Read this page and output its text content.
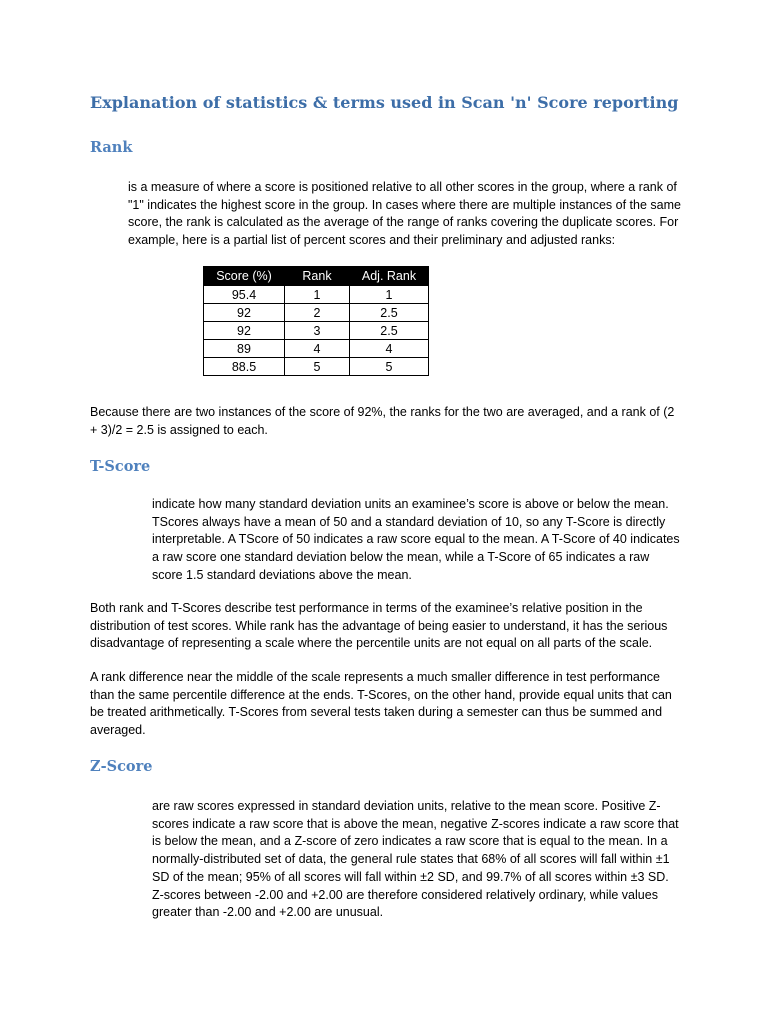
Explanation of statistics & terms used in Scan 'n' Score reporting
Rank

is a measure of where a score is positioned relative to all other scores in the group, where a rank of "1" indicates the highest score in the group. In cases where there are multiple instances of the same score, the rank is calculated as the average of the range of ranks covering the duplicate scores. For example, here is a partial list of percent scores and their preliminary and adjusted ranks:

Score (%)	Rank	Adj. Rank
95.4	1	1
92	2	2.5
92	3	2.5
89	4	4
88.5	5	5

Because there are two instances of the score of 92%, the ranks for the two are averaged, and a rank of (2 + 3)/2 = 2.5 is assigned to each.

T-Score

indicate how many standard deviation units an examinee’s score is above or below the mean. TScores always have a mean of 50 and a standard deviation of 10, so any T-Score is directly interpretable. A TScore of 50 indicates a raw score equal to the mean. A T-Score of 40 indicates a raw score one standard deviation below the mean, while a T-Score of 65 indicates a raw score 1.5 standard deviations above the mean.

Both rank and T-Scores describe test performance in terms of the examinee’s relative position in the distribution of test scores. While rank has the advantage of being easier to understand, it has the serious disadvantage of representing a scale where the percentile units are not equal on all parts of the scale.

A rank difference near the middle of the scale represents a much smaller difference in test performance than the same percentile difference at the ends. T-Scores, on the other hand, provide equal units that can be treated arithmetically. T-Scores from several tests taken during a semester can thus be summed and averaged.

Z-Score

are raw scores expressed in standard deviation units, relative to the mean score. Positive Z-scores indicate a raw score that is above the mean, negative Z-scores indicate a raw score that is below the mean, and a Z-score of zero indicates a raw score that is equal to the mean. In a normally-distributed set of data, the general rule states that 68% of all scores will fall within ±1 SD of the mean; 95% of all scores will fall within ±2 SD, and 99.7% of all scores within ±3 SD. Z-scores between -2.00 and +2.00 are therefore considered relatively ordinary, while values greater than -2.00 and +2.00 are unusual.
